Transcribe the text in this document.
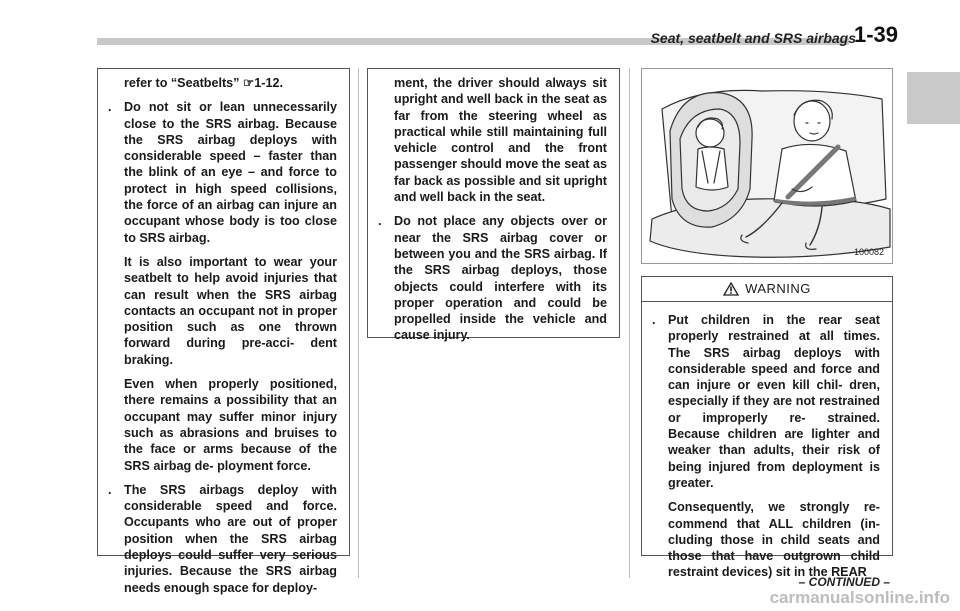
Seat, seatbelt and SRS airbags
1-39

refer to “Seatbelts” ☞1-12.

. Do not sit or lean unnecessarily close to the SRS airbag. Because the SRS airbag deploys with considerable speed – faster than the blink of an eye – and force to protect in high speed collisions, the force of an airbag can injure an occupant whose body is too close to SRS airbag.

It is also important to wear your seatbelt to help avoid injuries that can result when the SRS airbag contacts an occupant not in proper position such as one thrown forward during pre-acci- dent braking.

Even when properly positioned, there remains a possibility that an occupant may suffer minor injury such as abrasions and bruises to the face or arms because of the SRS airbag de- ployment force.

. The SRS airbags deploy with considerable speed and force. Occupants who are out of proper position when the SRS airbag deploys could suffer very serious injuries. Because the SRS airbag needs enough space for deploy-

ment, the driver should always sit upright and well back in the seat as far from the steering wheel as practical while still maintaining full vehicle control and the front passenger should move the seat as far back as possible and sit upright and well back in the seat.

. Do not place any objects over or near the SRS airbag cover or between you and the SRS airbag. If the SRS airbag deploys, those objects could interfere with its proper operation and could be propelled inside the vehicle and cause injury.
100082
WARNING
. Put children in the rear seat properly restrained at all times. The SRS airbag deploys with considerable speed and force and can injure or even kill chil- dren, especially if they are not restrained or improperly re- strained. Because children are lighter and weaker than adults, their risk of being injured from deployment is greater.

Consequently, we strongly re- commend that ALL children (in- cluding those in child seats and those that have outgrown child restraint devices) sit in the REAR

– CONTINUED –
carmanualsonline.info
